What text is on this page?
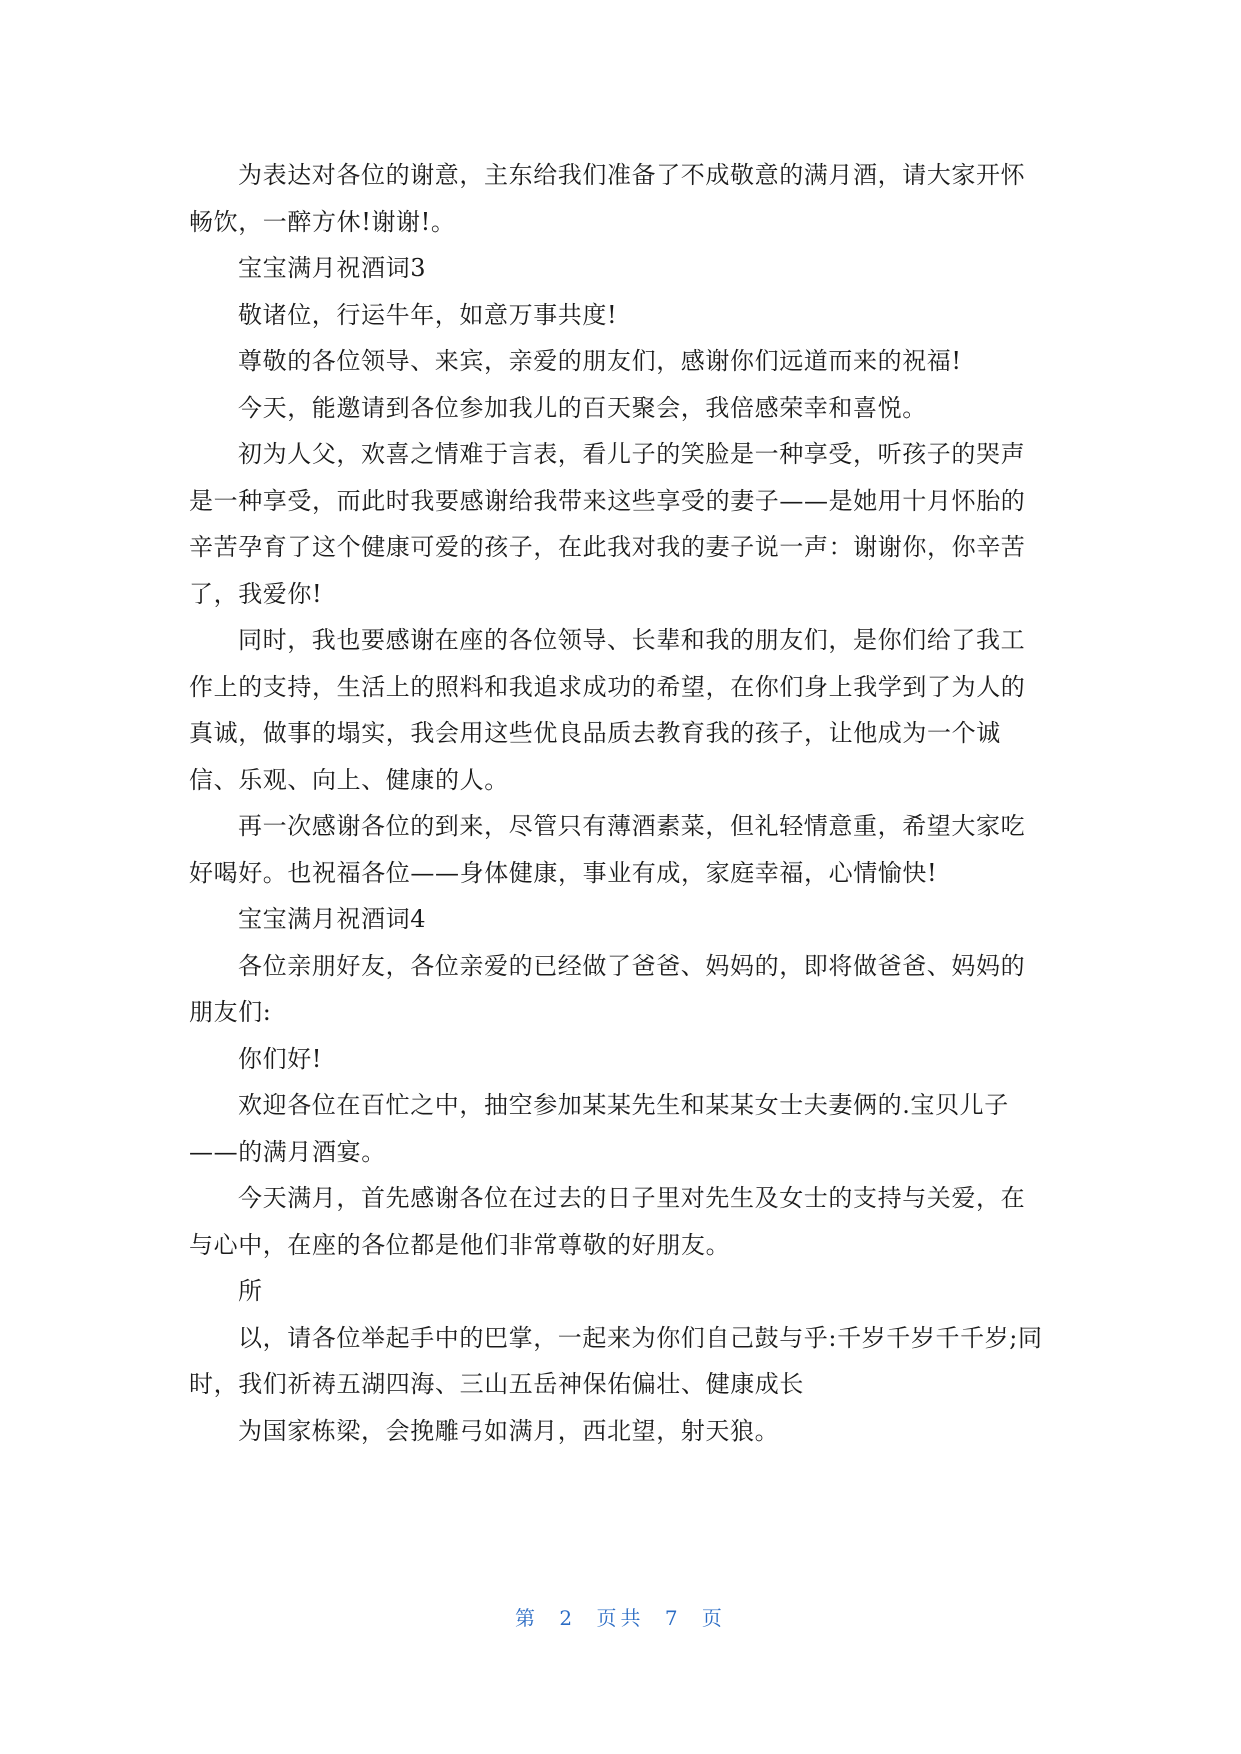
为表达对各位的谢意，主东给我们准备了不成敬意的满月酒，请大家开怀畅饮，一醉方休!谢谢!。

宝宝满月祝酒词3

敬诸位，行运牛年，如意万事共度!

尊敬的各位领导、来宾，亲爱的朋友们，感谢你们远道而来的祝福!

今天，能邀请到各位参加我儿的百天聚会，我倍感荣幸和喜悦。

初为人父，欢喜之情难于言表，看儿子的笑脸是一种享受，听孩子的哭声是一种享受，而此时我要感谢给我带来这些享受的妻子——是她用十月怀胎的辛苦孕育了这个健康可爱的孩子，在此我对我的妻子说一声：谢谢你，你辛苦了，我爱你!

同时，我也要感谢在座的各位领导、长辈和我的朋友们，是你们给了我工作上的支持，生活上的照料和我追求成功的希望，在你们身上我学到了为人的真诚，做事的塌实，我会用这些优良品质去教育我的孩子，让他成为一个诚信、乐观、向上、健康的人。

再一次感谢各位的到来，尽管只有薄酒素菜，但礼轻情意重，希望大家吃好喝好。也祝福各位——身体健康，事业有成，家庭幸福，心情愉快!

宝宝满月祝酒词4

各位亲朋好友，各位亲爱的已经做了爸爸、妈妈的，即将做爸爸、妈妈的朋友们:

你们好!

欢迎各位在百忙之中，抽空参加某某先生和某某女士夫妻俩的.宝贝儿子——的满月酒宴。

今天满月，首先感谢各位在过去的日子里对先生及女士的支持与关爱，在与心中，在座的各位都是他们非常尊敬的好朋友。

所

以，请各位举起手中的巴掌，一起来为你们自己鼓与乎:千岁千岁千千岁;同时，我们祈祷五湖四海、三山五岳神保佑偏壮、健康成长

为国家栋梁，会挽雕弓如满月，西北望，射天狼。

第 2 页共 7 页
